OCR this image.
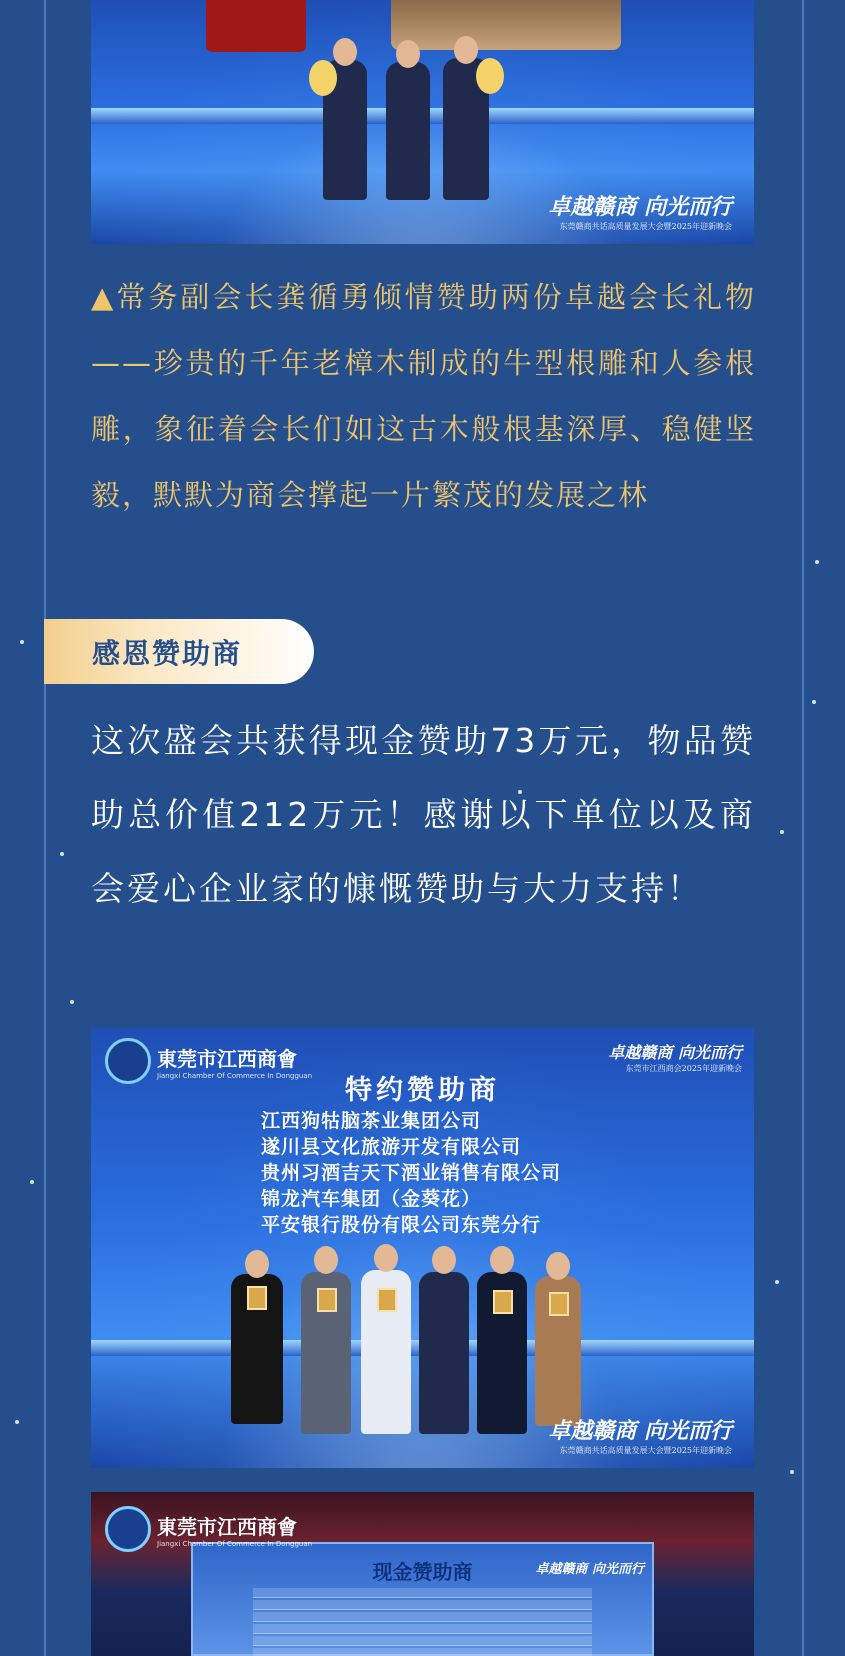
卓越赣商 向光而行
东莞赣商共话高质量发展大会暨2025年迎新晚会

▲常务副会长龚循勇倾情赞助两份卓越会长礼物——珍贵的千年老樟木制成的牛型根雕和人参根雕，象征着会长们如这古木般根基深厚、稳健坚毅，默默为商会撑起一片繁茂的发展之林

感恩赞助商

这次盛会共获得现金赞助73万元，物品赞助总价值212万元！感谢以下单位以及商会爱心企业家的慷慨赞助与大力支持！

東莞市江西商會
Jiangxi Chamber Of Commerce In Dongguan
卓越赣商 向光而行
东莞市江西商会2025年迎新晚会
特约赞助商
江西狗牯脑茶业集团公司
遂川县文化旅游开发有限公司
贵州习酒吉天下酒业销售有限公司
锦龙汽车集团（金葵花）
平安银行股份有限公司东莞分行
卓越赣商 向光而行
东莞赣商共话高质量发展大会暨2025年迎新晚会
现金赞助商	卓越赣商 向光而行
東莞市江西商會
Jiangxi Chamber Of Commerce In Dongguan
